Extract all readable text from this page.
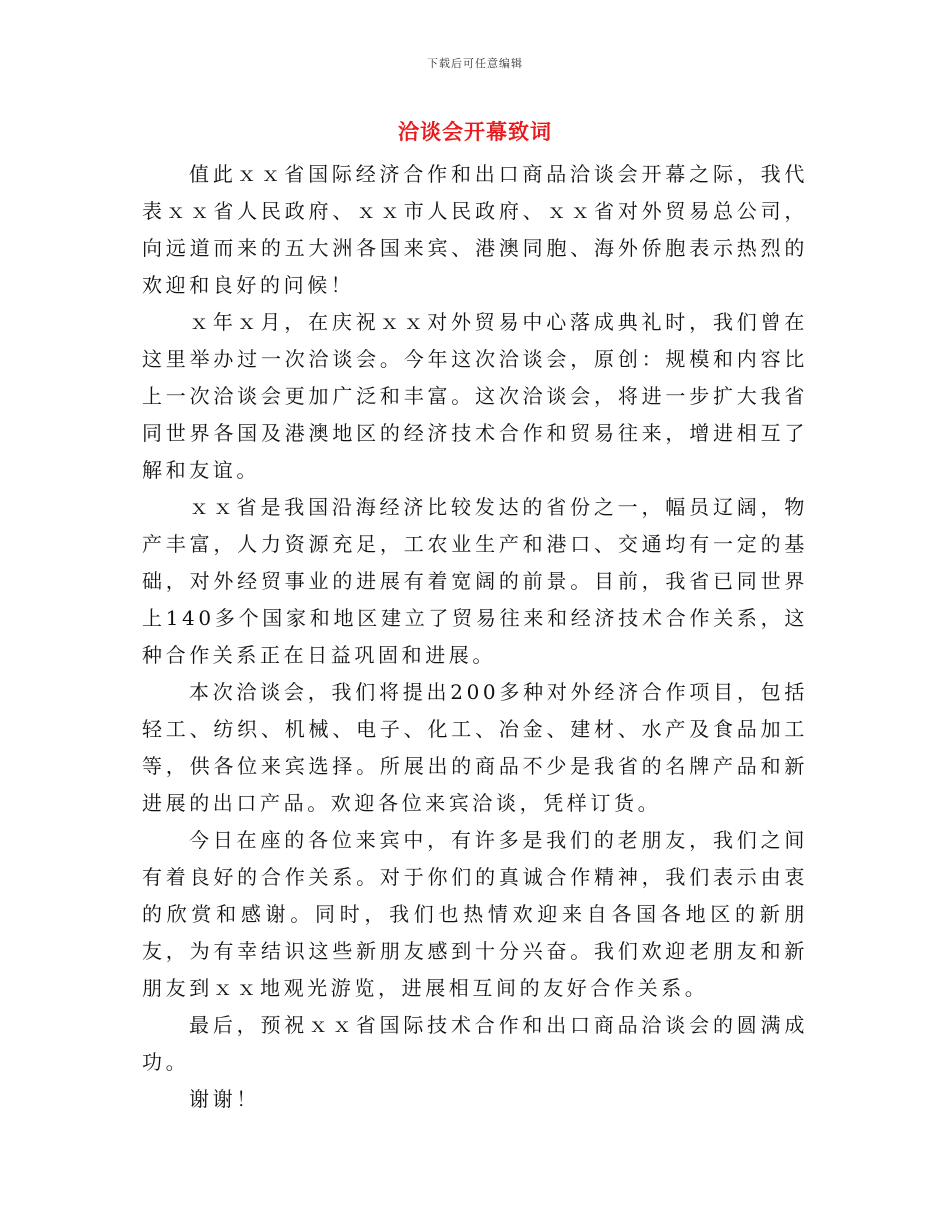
下载后可任意编辑
洽谈会开幕致词

值此ｘｘ省国际经济合作和出口商品洽谈会开幕之际，我代表ｘｘ省人民政府、ｘｘ市人民政府、ｘｘ省对外贸易总公司，向远道而来的五大洲各国来宾、港澳同胞、海外侨胞表示热烈的欢迎和良好的问候！

ｘ年ｘ月，在庆祝ｘｘ对外贸易中心落成典礼时，我们曾在这里举办过一次洽谈会。今年这次洽谈会，原创：规模和内容比上一次洽谈会更加广泛和丰富。这次洽谈会，将进一步扩大我省同世界各国及港澳地区的经济技术合作和贸易往来，增进相互了解和友谊。

ｘｘ省是我国沿海经济比较发达的省份之一，幅员辽阔，物产丰富，人力资源充足，工农业生产和港口、交通均有一定的基础，对外经贸事业的进展有着宽阔的前景。目前，我省已同世界上140多个国家和地区建立了贸易往来和经济技术合作关系，这种合作关系正在日益巩固和进展。

本次洽谈会，我们将提出200多种对外经济合作项目，包括轻工、纺织、机械、电子、化工、冶金、建材、水产及食品加工等，供各位来宾选择。所展出的商品不少是我省的名牌产品和新进展的出口产品。欢迎各位来宾洽谈，凭样订货。

今日在座的各位来宾中，有许多是我们的老朋友，我们之间有着良好的合作关系。对于你们的真诚合作精神，我们表示由衷的欣赏和感谢。同时，我们也热情欢迎来自各国各地区的新朋友，为有幸结识这些新朋友感到十分兴奋。我们欢迎老朋友和新朋友到ｘｘ地观光游览，进展相互间的友好合作关系。

最后，预祝ｘｘ省国际技术合作和出口商品洽谈会的圆满成功。

谢谢！
